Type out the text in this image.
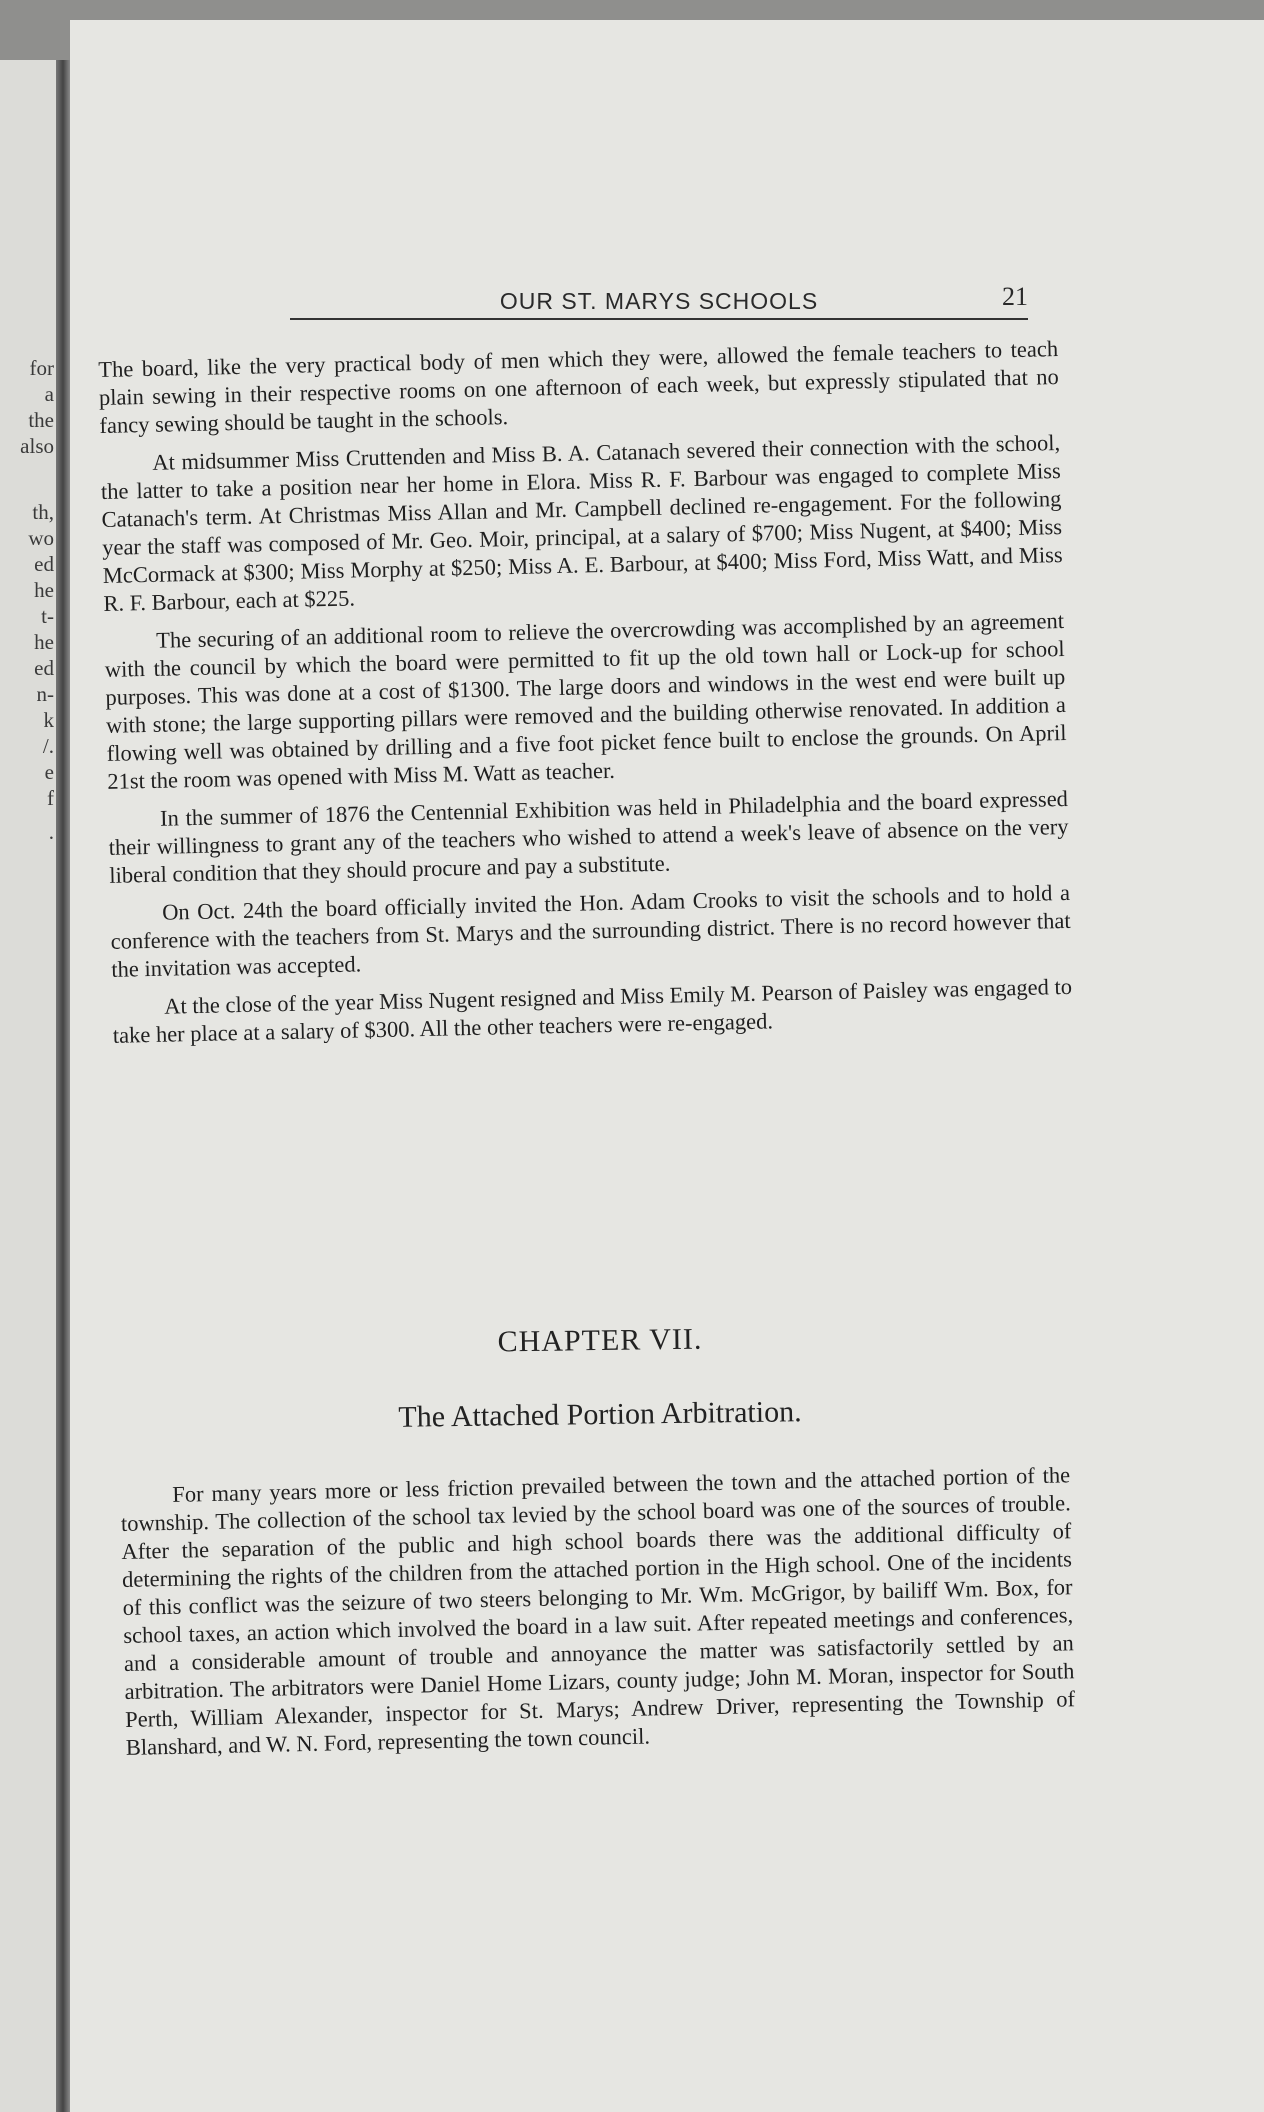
for
a
the
also
th,
wo
ed
he
t-
he
ed
n-
k
/.
e
f
.
OUR ST. MARYS SCHOOLS	21

The board, like the very practical body of men which they were, allowed the female teachers to teach plain sewing in their respective rooms on one afternoon of each week, but expressly stipulated that no fancy sewing should be taught in the schools.

At midsummer Miss Cruttenden and Miss B. A. Catanach severed their connection with the school, the latter to take a position near her home in Elora. Miss R. F. Barbour was engaged to complete Miss Catanach's term. At Christmas Miss Allan and Mr. Campbell declined re-engagement. For the following year the staff was composed of Mr. Geo. Moir, principal, at a salary of $700; Miss Nugent, at $400; Miss McCormack at $300; Miss Morphy at $250; Miss A. E. Barbour, at $400; Miss Ford, Miss Watt, and Miss R. F. Barbour, each at $225.

The securing of an additional room to relieve the overcrowding was accomplished by an agreement with the council by which the board were permitted to fit up the old town hall or Lock-up for school purposes. This was done at a cost of $1300. The large doors and windows in the west end were built up with stone; the large supporting pillars were removed and the building otherwise renovated. In addition a flowing well was obtained by drilling and a five foot picket fence built to enclose the grounds. On April 21st the room was opened with Miss M. Watt as teacher.

In the summer of 1876 the Centennial Exhibition was held in Philadelphia and the board expressed their willingness to grant any of the teachers who wished to attend a week's leave of absence on the very liberal condition that they should procure and pay a substitute.

On Oct. 24th the board officially invited the Hon. Adam Crooks to visit the schools and to hold a conference with the teachers from St. Marys and the surrounding district. There is no record however that the invitation was accepted.

At the close of the year Miss Nugent resigned and Miss Emily M. Pearson of Paisley was engaged to take her place at a salary of $300. All the other teachers were re-engaged.

CHAPTER VII.
The Attached Portion Arbitration.

For many years more or less friction prevailed between the town and the attached portion of the township. The collection of the school tax levied by the school board was one of the sources of trouble. After the separation of the public and high school boards there was the additional difficulty of determining the rights of the children from the attached portion in the High school. One of the incidents of this conflict was the seizure of two steers belonging to Mr. Wm. McGrigor, by bailiff Wm. Box, for school taxes, an action which involved the board in a law suit. After repeated meetings and conferences, and a considerable amount of trouble and annoyance the matter was satisfactorily settled by an arbitration. The arbitrators were Daniel Home Lizars, county judge; John M. Moran, inspector for South Perth, William Alexander, inspector for St. Marys; Andrew Driver, representing the Township of Blanshard, and W. N. Ford, representing the town council.
